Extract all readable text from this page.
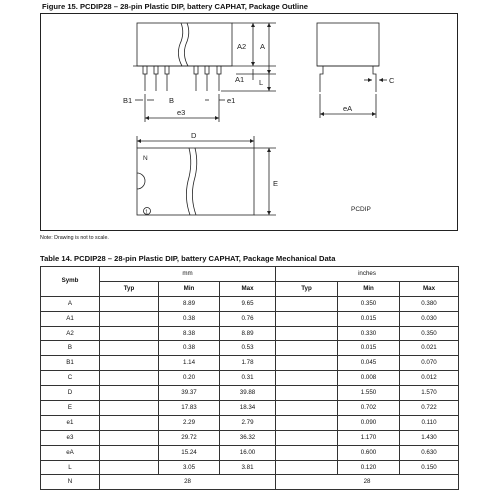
Figure 15. PCDIP28 – 28-pin Plastic DIP, battery CAPHAT, Package Outline
A2 A
A1 L
B1	B	e1
e3	eA
C
D
E
N
1	PCDIP
Note: Drawing is not to scale.
Table 14. PCDIP28 – 28-pin Plastic DIP, battery CAPHAT, Package Mechanical Data
Symb	mm			inches		
	Typ	Min	Max	Typ	Min	Max
A		8.89	9.65		0.350	0.380
A1		0.38	0.76		0.015	0.030
A2		8.38	8.89		0.330	0.350
B		0.38	0.53		0.015	0.021
B1		1.14	1.78		0.045	0.070
C		0.20	0.31		0.008	0.012
D		39.37	39.88		1.550	1.570
E		17.83	18.34		0.702	0.722
e1		2.29	2.79		0.090	0.110
e3		29.72	36.32		1.170	1.430
eA		15.24	16.00		0.600	0.630
L		3.05	3.81		0.120	0.150
N	28			28		
